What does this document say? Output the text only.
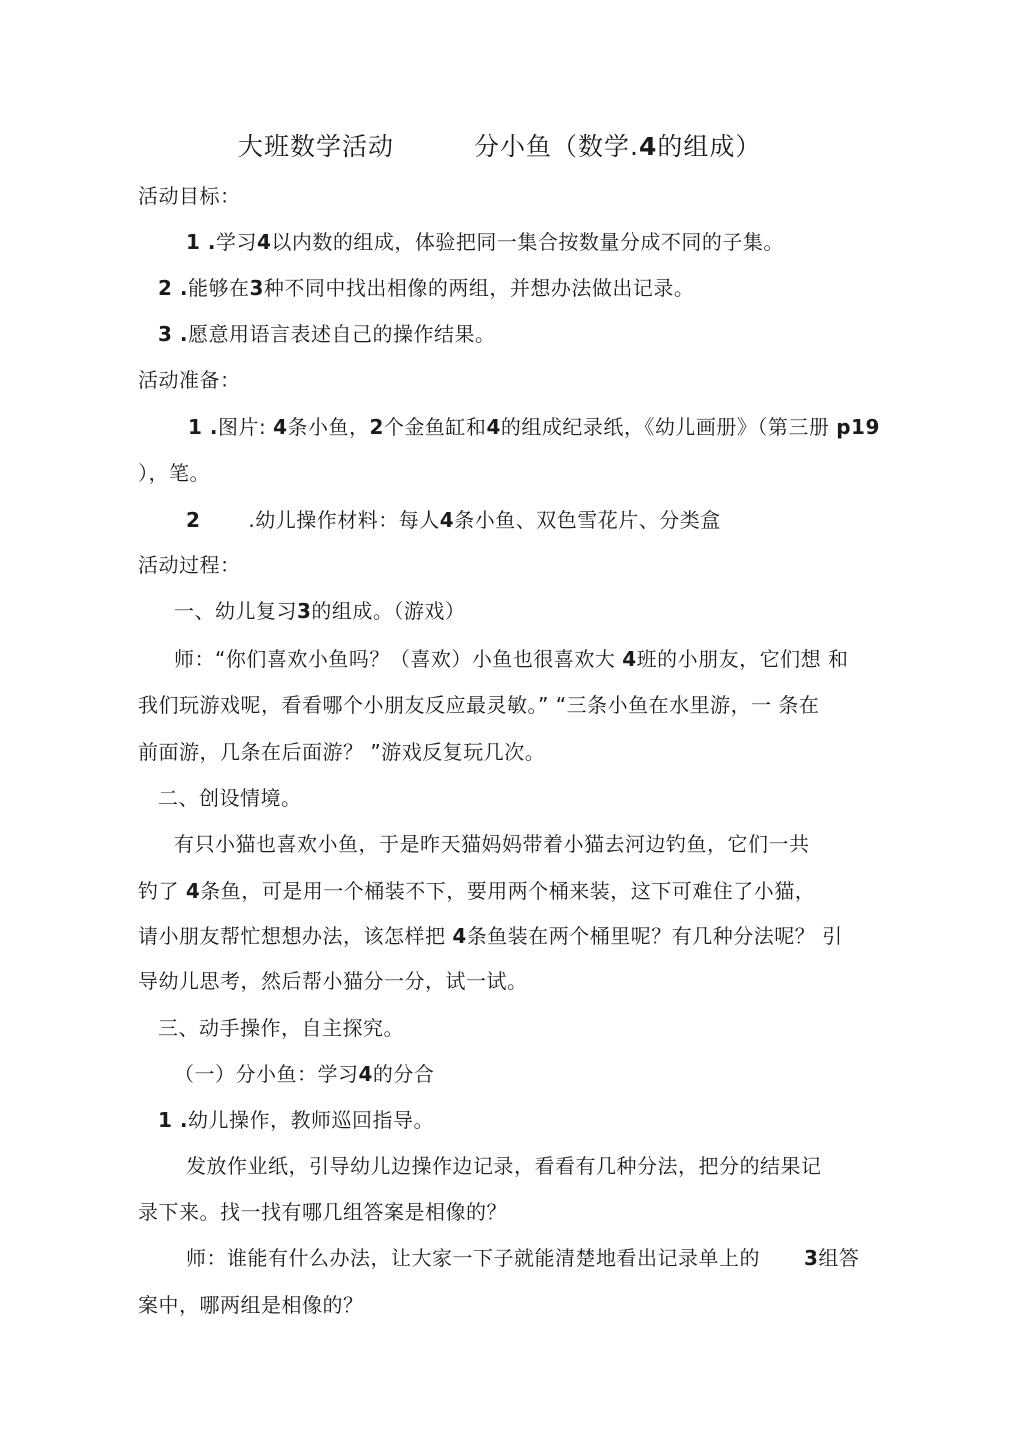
大班数学活动	分小鱼（数学.4的组成）
活动目标：
1 .学习4以内数的组成，体验把同一集合按数量分成不同的子集。
2 .能够在3种不同中找出相像的两组，并想办法做出记录。
3 .愿意用语言表述自己的操作结果。
活动准备：
1 .图片: 4条小鱼，2个金鱼缸和4的组成纪录纸，《幼儿画册》（第三册 p19
），笔。
2 .幼儿操作材料：每人4条小鱼、双色雪花片、分类盒
活动过程：
一、幼儿复习3的组成。（游戏）
师：“你们喜欢小鱼吗？（喜欢）小鱼也很喜欢大 4班的小朋友，它们想 和
我们玩游戏呢，看看哪个小朋友反应最灵敏。” “三条小鱼在水里游，一 条在
前面游，几条在后面游？ ”游戏反复玩几次。
二、创设情境。
有只小猫也喜欢小鱼，于是昨天猫妈妈带着小猫去河边钓鱼，它们一共
钓了 4条鱼，可是用一个桶装不下，要用两个桶来装，这下可难住了小猫，
请小朋友帮忙想想办法，该怎样把 4条鱼装在两个桶里呢？有几种分法呢？ 引
导幼儿思考，然后帮小猫分一分，试一试。
三、动手操作，自主探究。
（一）分小鱼：学习4的分合
1 .幼儿操作，教师巡回指导。
发放作业纸，引导幼儿边操作边记录，看看有几种分法，把分的结果记
录下来。找一找有哪几组答案是相像的？
师：谁能有什么办法，让大家一下子就能清楚地看出记录单上的 3组答
案中，哪两组是相像的？
